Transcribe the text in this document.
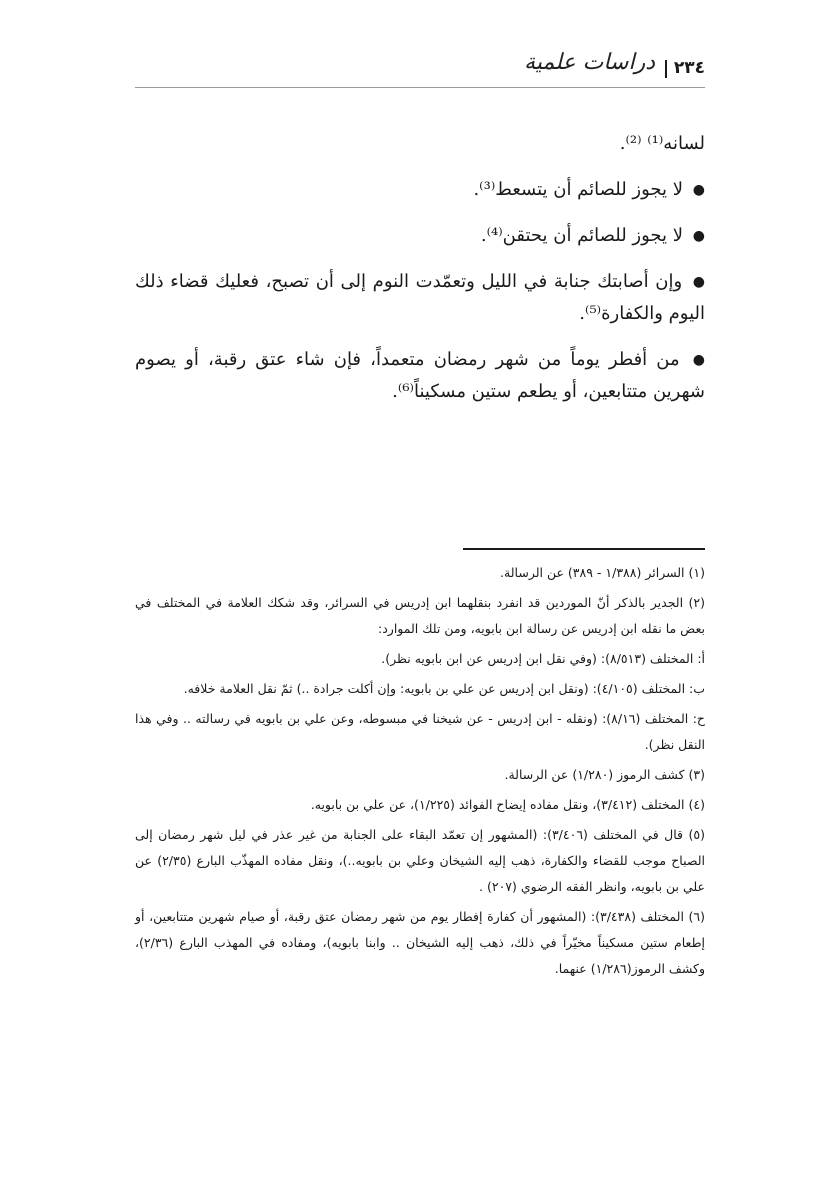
٢٣٤
دراسات علمية

لسانه⁽¹⁾ ⁽²⁾.

● لا يجوز للصائم أن يتسعط⁽³⁾.

● لا يجوز للصائم أن يحتقن⁽⁴⁾.

● وإن أصابتك جنابة في الليل وتعمّدت النوم إلى أن تصبح، فعليك قضاء ذلك اليوم والكفارة⁽⁵⁾.

● من أفطر يوماً من شهر رمضان متعمداً، فإن شاء عتق رقبة، أو يصوم شهرين متتابعين، أو يطعم ستين مسكيناً⁽⁶⁾.

(١) السرائر (١/٣٨٨ - ٣٨٩) عن الرسالة.

(٢) الجدير بالذكر أنّ الموردين قد انفرد بنقلهما ابن إدريس في السرائر، وقد شكك العلامة في المختلف في بعض ما نقله ابن إدريس عن رسالة ابن بابويه، ومن تلك الموارد:

أ: المختلف (٨/٥١٣): (وفي نقل ابن إدريس عن ابن بابويه نظر).

ب: المختلف (٤/١٠٥): (ونقل ابن إدريس عن علي بن بابويه: وإن أكلت جرادة ..) ثمّ نقل العلامة خلافه.

ح: المختلف (٨/١٦): (ونقله - ابن إدريس - عن شيخنا في مبسوطه، وعن علي بن بابويه في رسالته .. وفي هذا النقل نظر).

(٣) كشف الرموز (١/٢٨٠) عن الرسالة.

(٤) المختلف (٣/٤١٢)، ونقل مفاده إيضاح الفوائد (١/٢٢٥)، عن علي بن بابويه.

(٥) قال في المختلف (٣/٤٠٦): (المشهور إن تعمّد البقاء على الجنابة من غير عذر في ليل شهر رمضان إلى الصباح موجب للقضاء والكفارة، ذهب إليه الشيخان وعلي بن بابويه..)، ونقل مفاده المهذّب البارع (٢/٣٥) عن علي بن بابويه، وانظر الفقه الرضوي (٢٠٧) .

(٦) المختلف (٣/٤٣٨): (المشهور أن كفارة إفطار يوم من شهر رمضان عتق رقبة، أو صيام شهرين متتابعين، أو إطعام ستين مسكيناً مخيّراً في ذلك، ذهب إليه الشيخان .. وابنا بابويه)، ومفاده في المهذب البارع (٢/٣٦)، وكشف الرموز(١/٢٨٦) عنهما.
